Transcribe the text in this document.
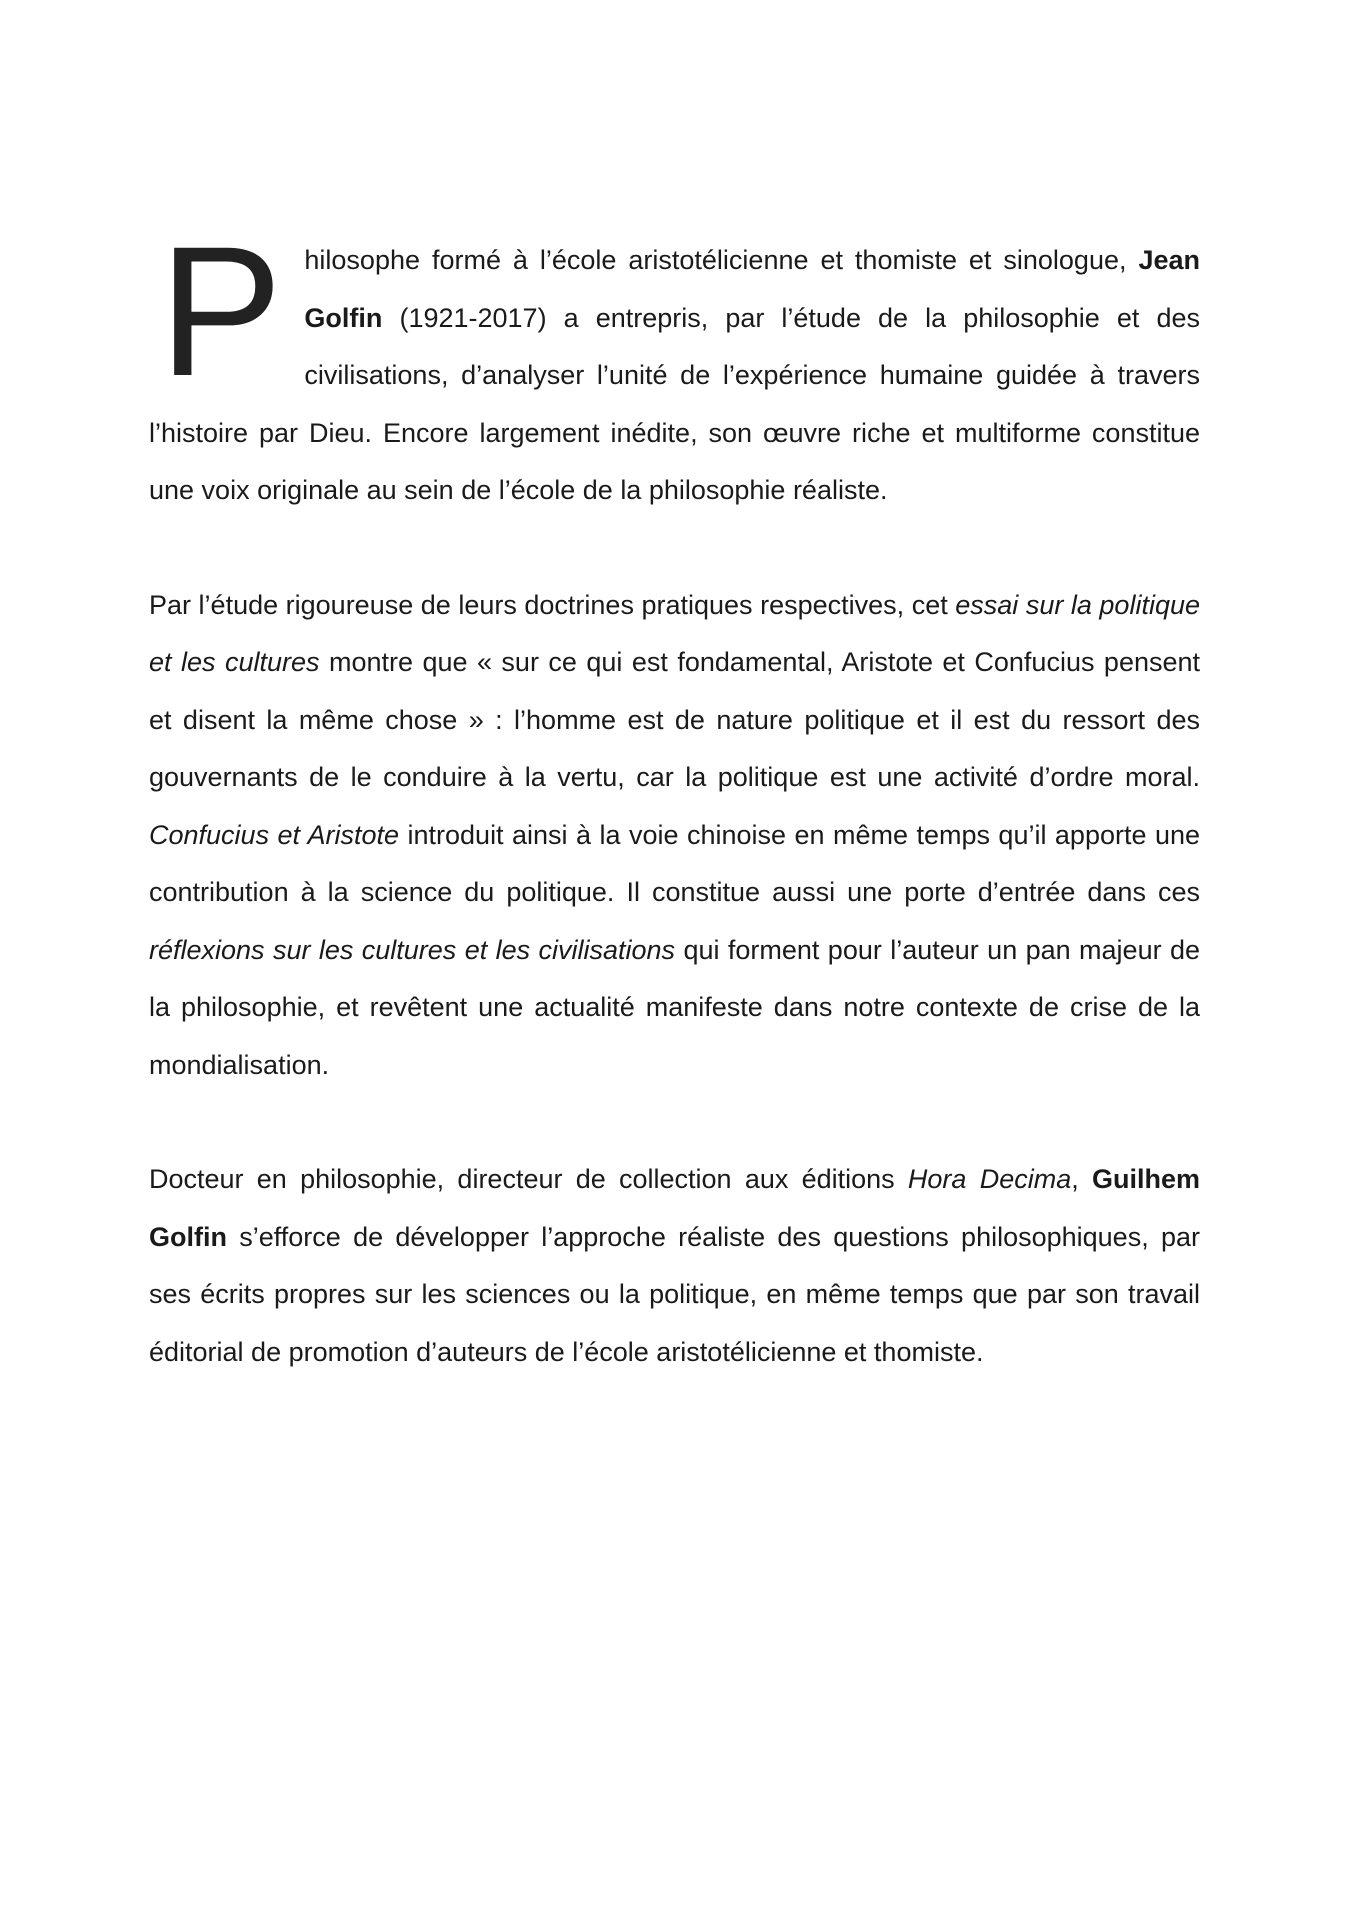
Philosophe formé à l’école aristotélicienne et thomiste et sinologue, Jean Golfin (1921-2017) a entrepris, par l’étude de la philosophie et des civilisations, d’analyser l’unité de l’expérience humaine guidée à travers l’histoire par Dieu. Encore largement inédite, son œuvre riche et multiforme constitue une voix originale au sein de l’école de la philosophie réaliste.

Par l’étude rigoureuse de leurs doctrines pratiques respectives, cet essai sur la politique et les cultures montre que « sur ce qui est fondamental, Aristote et Confucius pensent et disent la même chose » : l’homme est de nature politique et il est du ressort des gouvernants de le conduire à la vertu, car la politique est une activité d’ordre moral. Confucius et Aristote introduit ainsi à la voie chinoise en même temps qu’il apporte une contribution à la science du politique. Il constitue aussi une porte d’entrée dans ces réflexions sur les cultures et les civilisations qui forment pour l’auteur un pan majeur de la philosophie, et revêtent une actualité manifeste dans notre contexte de crise de la mondialisation.

Docteur en philosophie, directeur de collection aux éditions Hora Decima, Guilhem Golfin s’efforce de développer l’approche réaliste des questions philosophiques, par ses écrits propres sur les sciences ou la politique, en même temps que par son travail éditorial de promotion d’auteurs de l’école aristotélicienne et thomiste.
